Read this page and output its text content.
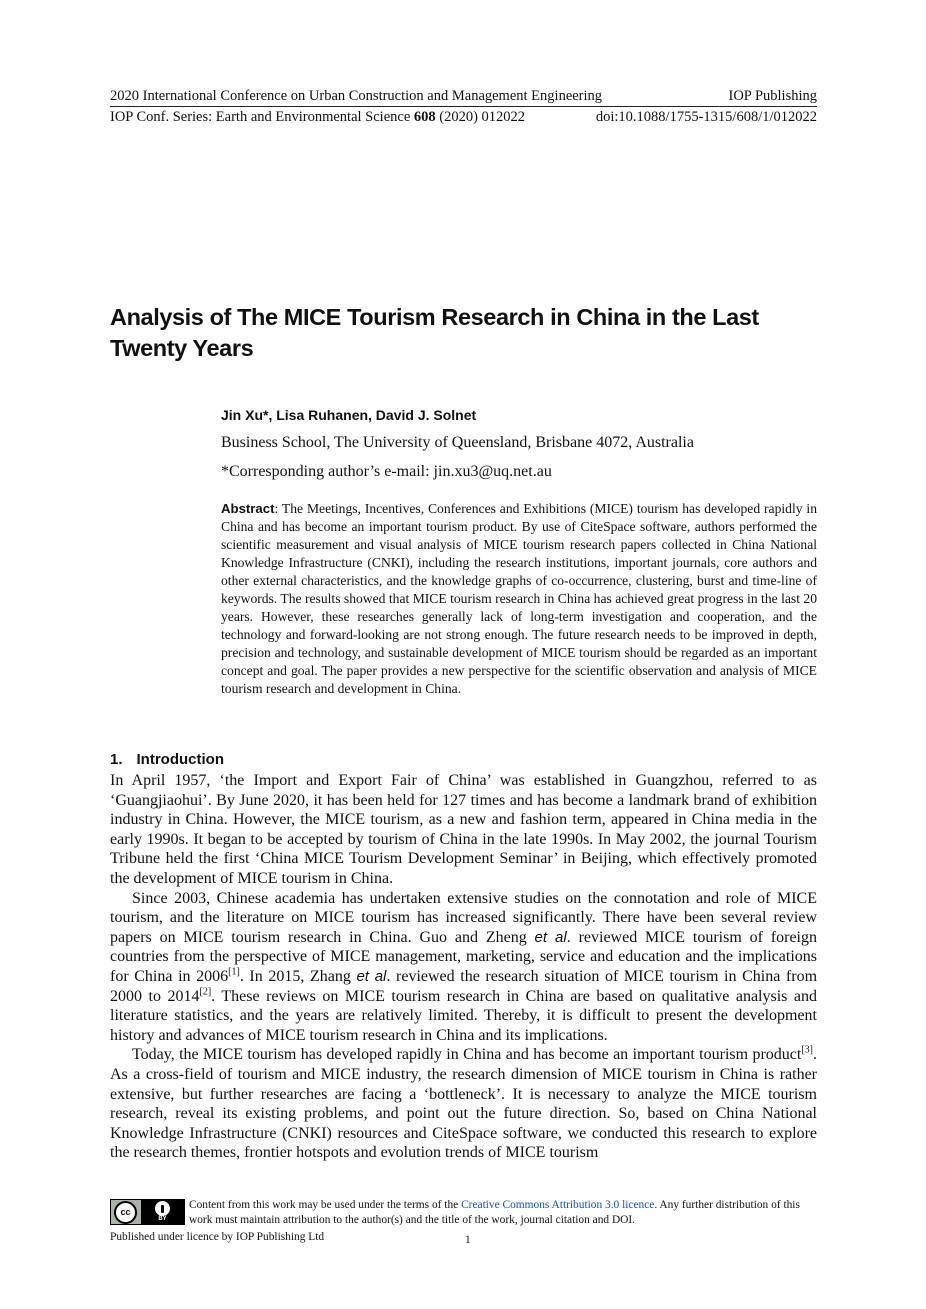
2020 International Conference on Urban Construction and Management Engineering	IOP Publishing
IOP Conf. Series: Earth and Environmental Science 608 (2020) 012022	doi:10.1088/1755-1315/608/1/012022
Analysis of The MICE Tourism Research in China in the Last Twenty Years
Jin Xu*, Lisa Ruhanen, David J. Solnet
Business School, The University of Queensland, Brisbane 4072, Australia
*Corresponding author’s e-mail: jin.xu3@uq.net.au
Abstract: The Meetings, Incentives, Conferences and Exhibitions (MICE) tourism has developed rapidly in China and has become an important tourism product. By use of CiteSpace software, authors performed the scientific measurement and visual analysis of MICE tourism research papers collected in China National Knowledge Infrastructure (CNKI), including the research institutions, important journals, core authors and other external characteristics, and the knowledge graphs of co-occurrence, clustering, burst and time-line of keywords. The results showed that MICE tourism research in China has achieved great progress in the last 20 years. However, these researches generally lack of long-term investigation and cooperation, and the technology and forward-looking are not strong enough. The future research needs to be improved in depth, precision and technology, and sustainable development of MICE tourism should be regarded as an important concept and goal. The paper provides a new perspective for the scientific observation and analysis of MICE tourism research and development in China.
1. Introduction

In April 1957, ‘the Import and Export Fair of China’ was established in Guangzhou, referred to as ‘Guangjiaohui’. By June 2020, it has been held for 127 times and has become a landmark brand of exhibition industry in China. However, the MICE tourism, as a new and fashion term, appeared in China media in the early 1990s. It began to be accepted by tourism of China in the late 1990s. In May 2002, the journal Tourism Tribune held the first ‘China MICE Tourism Development Seminar’ in Beijing, which effectively promoted the development of MICE tourism in China.

Since 2003, Chinese academia has undertaken extensive studies on the connotation and role of MICE tourism, and the literature on MICE tourism has increased significantly. There have been several review papers on MICE tourism research in China. Guo and Zheng et al. reviewed MICE tourism of foreign countries from the perspective of MICE management, marketing, service and education and the implications for China in 2006[1]. In 2015, Zhang et al. reviewed the research situation of MICE tourism in China from 2000 to 2014[2]. These reviews on MICE tourism research in China are based on qualitative analysis and literature statistics, and the years are relatively limited. Thereby, it is difficult to present the development history and advances of MICE tourism research in China and its implications.

Today, the MICE tourism has developed rapidly in China and has become an important tourism product[3]. As a cross-field of tourism and MICE industry, the research dimension of MICE tourism in China is rather extensive, but further researches are facing a ‘bottleneck’. It is necessary to analyze the MICE tourism research, reveal its existing problems, and point out the future direction. So, based on China National Knowledge Infrastructure (CNKI) resources and CiteSpace software, we conducted this research to explore the research themes, frontier hotspots and evolution trends of MICE tourism

cc
BY
Content from this work may be used under the terms of the Creative Commons Attribution 3.0 licence. Any further distribution of this work must maintain attribution to the author(s) and the title of the work, journal citation and DOI.
Published under licence by IOP Publishing Ltd	1
